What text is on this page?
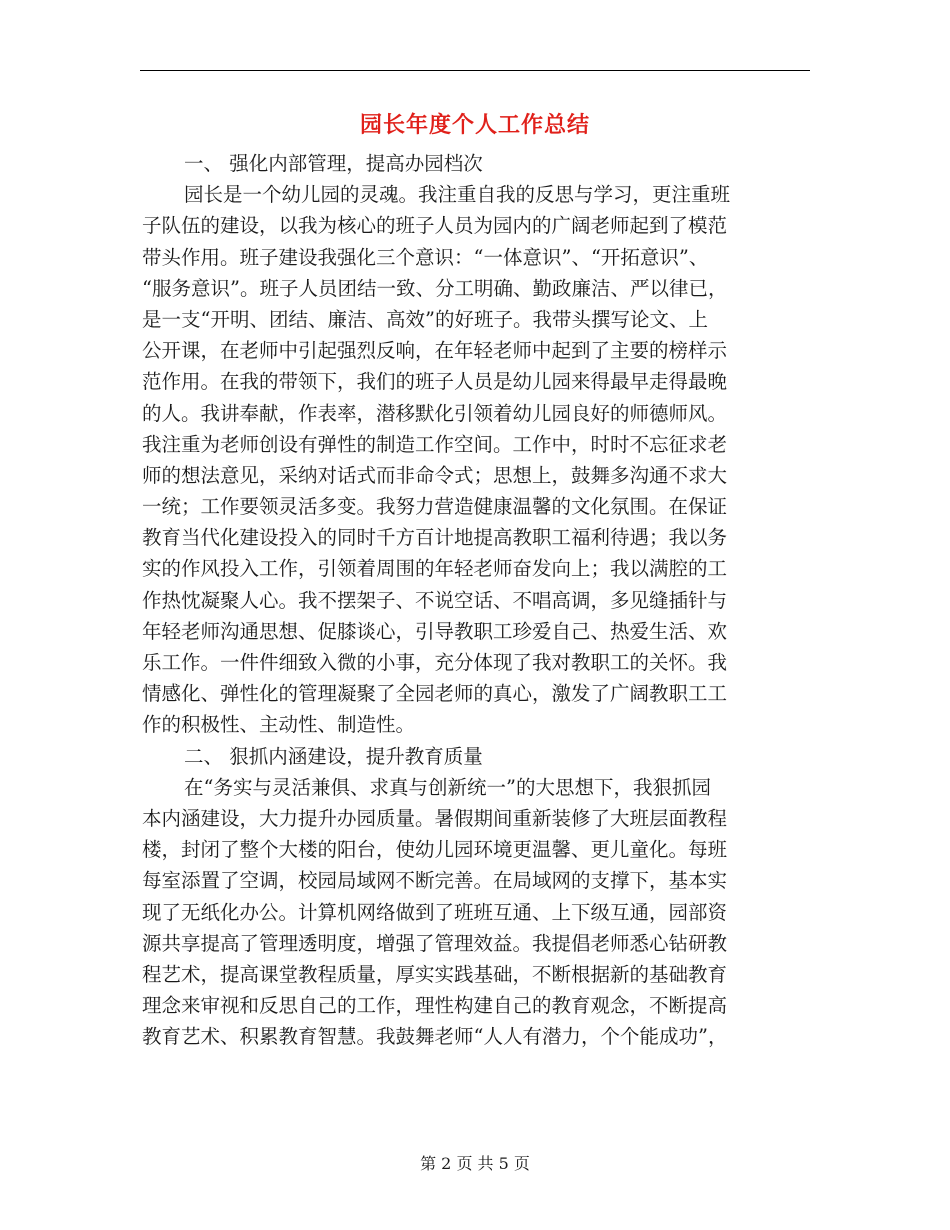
园长年度个人工作总结
一、 强化内部管理，提高办园档次
园长是一个幼儿园的灵魂。我注重自我的反思与学习，更注重班
子队伍的建设，以我为核心的班子人员为园内的广阔老师起到了模范
带头作用。班子建设我强化三个意识：“一体意识”、“开拓意识”、
“服务意识”。班子人员团结一致、分工明确、勤政廉洁、严以律已，
是一支“开明、团结、廉洁、高效”的好班子。我带头撰写论文、上
公开课，在老师中引起强烈反响，在年轻老师中起到了主要的榜样示
范作用。在我的带领下，我们的班子人员是幼儿园来得最早走得最晚
的人。我讲奉献，作表率，潜移默化引领着幼儿园良好的师德师风。
我注重为老师创设有弹性的制造工作空间。工作中，时时不忘征求老
师的想法意见，采纳对话式而非命令式；思想上，鼓舞多沟通不求大
一统；工作要领灵活多变。我努力营造健康温馨的文化氛围。在保证
教育当代化建设投入的同时千方百计地提高教职工福利待遇；我以务
实的作风投入工作，引领着周围的年轻老师奋发向上；我以满腔的工
作热忱凝聚人心。我不摆架子、不说空话、不唱高调，多见缝插针与
年轻老师沟通思想、促膝谈心，引导教职工珍爱自己、热爱生活、欢
乐工作。一件件细致入微的小事，充分体现了我对教职工的关怀。我
情感化、弹性化的管理凝聚了全园老师的真心，激发了广阔教职工工
作的积极性、主动性、制造性。
二、 狠抓内涵建设，提升教育质量
在“务实与灵活兼俱、求真与创新统一”的大思想下，我狠抓园
本内涵建设，大力提升办园质量。暑假期间重新装修了大班层面教程
楼，封闭了整个大楼的阳台，使幼儿园环境更温馨、更儿童化。每班
每室添置了空调，校园局域网不断完善。在局域网的支撑下，基本实
现了无纸化办公。计算机网络做到了班班互通、上下级互通，园部资
源共享提高了管理透明度，增强了管理效益。我提倡老师悉心钻研教
程艺术，提高课堂教程质量，厚实实践基础，不断根据新的基础教育
理念来审视和反思自己的工作，理性构建自己的教育观念，不断提高
教育艺术、积累教育智慧。我鼓舞老师“人人有潜力，个个能成功”，
第 2 页 共 5 页
